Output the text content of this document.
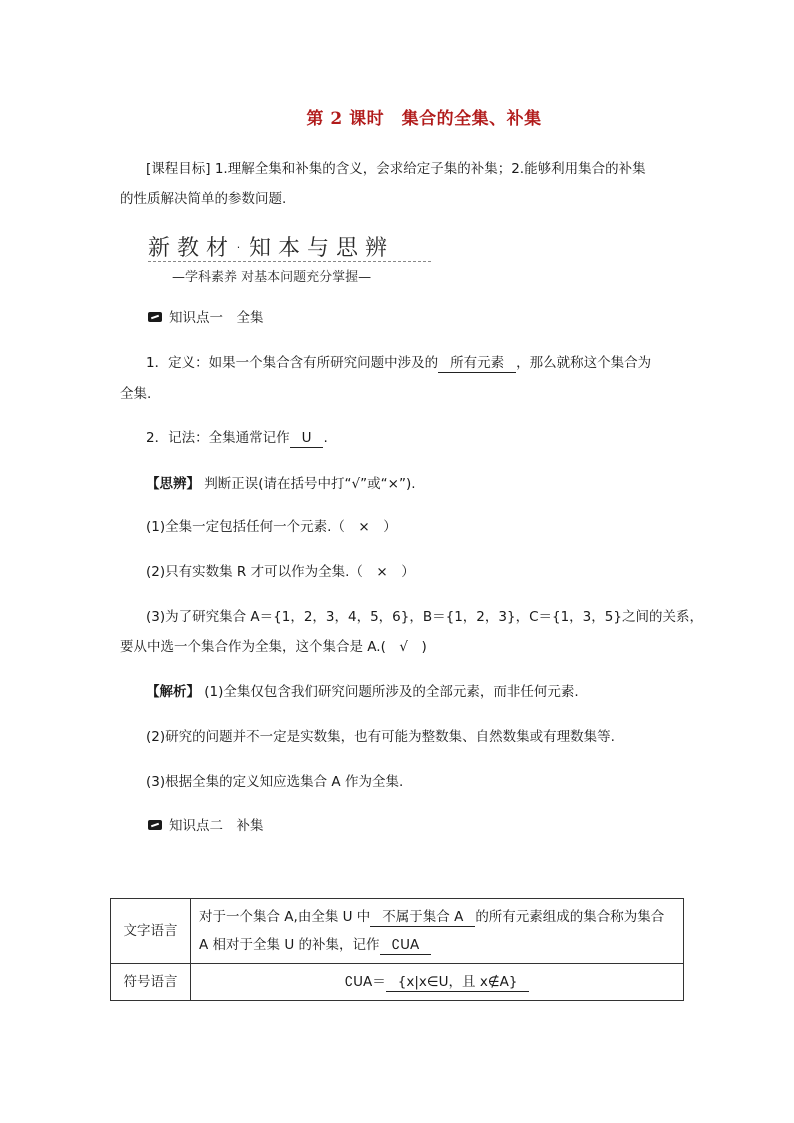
第 2 课时　集合的全集、补集
[课程目标] 1.理解全集和补集的含义，会求给定子集的补集；2.能够利用集合的补集
的性质解决简单的参数问题.
新教材·知本与思辨
—学科素养 对基本问题充分掌握—
知识点一　全集
1．定义：如果一个集合含有所研究问题中涉及的 所有元素 ，那么就称这个集合为
全集.
2．记法：全集通常记作 U .
【思辨】 判断正误(请在括号中打“√”或“×”).
(1)全集一定包括任何一个元素.（　×　）
(2)只有实数集 R 才可以作为全集.（　×　）
(3)为了研究集合 A＝{1，2，3，4，5，6}，B＝{1，2，3}，C＝{1，3，5}之间的关系，
要从中选一个集合作为全集，这个集合是 A.(　√　)
【解析】 (1)全集仅包含我们研究问题所涉及的全部元素，而非任何元素.
(2)研究的问题并不一定是实数集，也有可能为整数集、自然数集或有理数集等.
(3)根据全集的定义知应选集合 A 作为全集.
知识点二　补集
文字语言	对于一个集合 A,由全集 U 中 不属于集合 A 的所有元素组成的集合称为集合
A 相对于全集 U 的补集，记作 ∁UA

符号语言	∁UA＝ {x|x∈U，且 x∉A}
